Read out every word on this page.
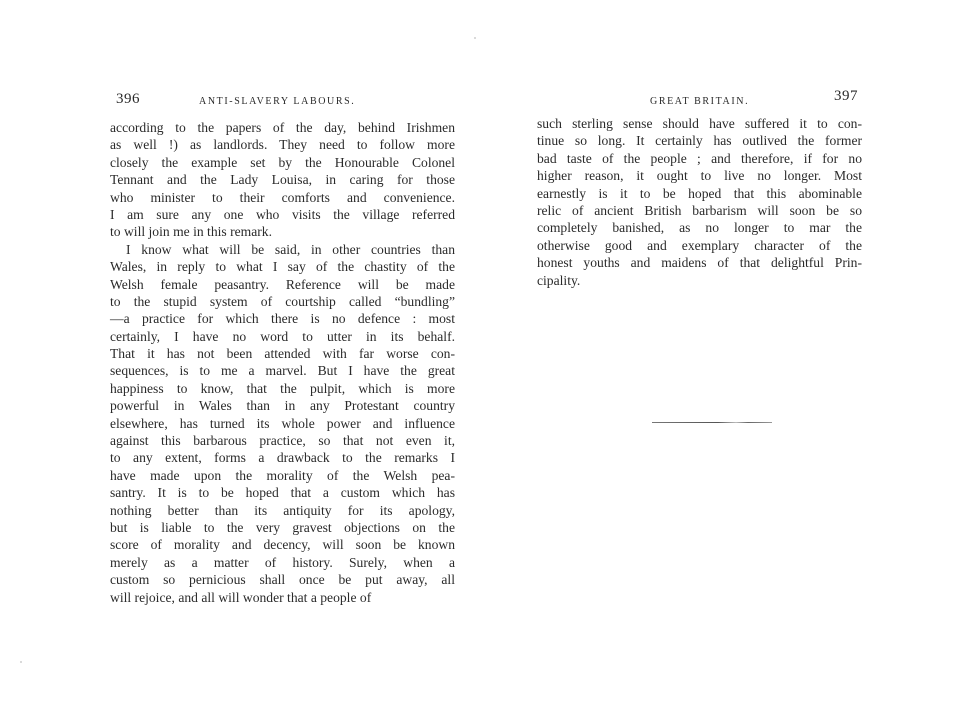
396	ANTI-SLAVERY LABOURS.
according to the papers of the day, behind Irishmen
as well !) as landlords. They need to follow more
closely the example set by the Honourable Colonel
Tennant and the Lady Louisa, in caring for those
who minister to their comforts and convenience.
I am sure any one who visits the village referred
to will join me in this remark.
I know what will be said, in other countries than
Wales, in reply to what I say of the chastity of the
Welsh female peasantry. Reference will be made
to the stupid system of courtship called “bundling”
—a practice for which there is no defence : most
certainly, I have no word to utter in its behalf.
That it has not been attended with far worse con-
sequences, is to me a marvel. But I have the great
happiness to know, that the pulpit, which is more
powerful in Wales than in any Protestant country
elsewhere, has turned its whole power and influence
against this barbarous practice, so that not even it,
to any extent, forms a drawback to the remarks I
have made upon the morality of the Welsh pea-
santry. It is to be hoped that a custom which has
nothing better than its antiquity for its apology,
but is liable to the very gravest objections on the
score of morality and decency, will soon be known
merely as a matter of history. Surely, when a
custom so pernicious shall once be put away, all
will rejoice, and all will wonder that a people of
GREAT BRITAIN.	397
such sterling sense should have suffered it to con-
tinue so long. It certainly has outlived the former
bad taste of the people ; and therefore, if for no
higher reason, it ought to live no longer. Most
earnestly is it to be hoped that this abominable
relic of ancient British barbarism will soon be so
completely banished, as no longer to mar the
otherwise good and exemplary character of the
honest youths and maidens of that delightful Prin-
cipality.
